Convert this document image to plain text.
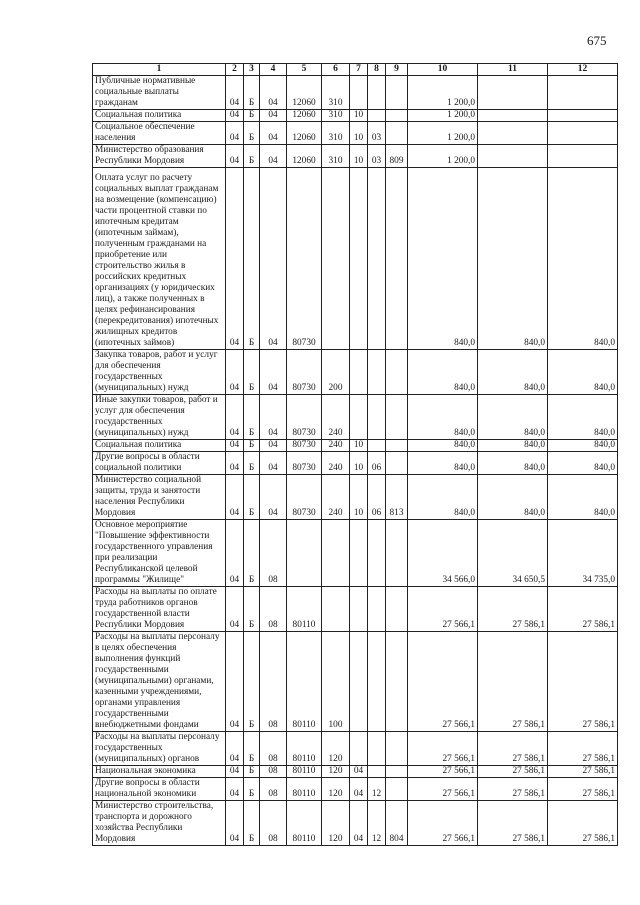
675
1	2	3	4	5	6	7	8	9	10	11	12
Публичные нормативные социальные выплаты гражданам	04	Б	04	12060	310				1 200,0		
Социальная политика	04	Б	04	12060	310	10			1 200,0		
Социальное обеспечение населения	04	Б	04	12060	310	10	03		1 200,0		
Министерство образования Республики Мордовия	04	Б	04	12060	310	10	03	809	1 200,0		
Оплата услуг по расчету социальных выплат гражданам на возмещение (компенсацию) части процентной ставки по ипотечным кредитам (ипотечным займам), полученным гражданами на приобретение или строительство жилья в российских кредитных организациях (у юридических лиц), а также полученных в целях рефинансирования (перекредитования) ипотечных жилищных кредитов (ипотечных займов)	04	Б	04	80730					840,0	840,0	840,0
Закупка товаров, работ и услуг для обеспечения государственных (муниципальных) нужд	04	Б	04	80730	200				840,0	840,0	840,0
Иные закупки товаров, работ и услуг для обеспечения государственных (муниципальных) нужд	04	Б	04	80730	240				840,0	840,0	840,0
Социальная политика	04	Б	04	80730	240	10			840,0	840,0	840,0
Другие вопросы в области социальной политики	04	Б	04	80730	240	10	06		840,0	840,0	840,0
Министерство социальной защиты, труда и занятости населения Республики Мордовия	04	Б	04	80730	240	10	06	813	840,0	840,0	840,0
Основное мероприятие "Повышение эффективности государственного управления при реализации Республиканской целевой программы "Жилище"	04	Б	08						34 566,0	34 650,5	34 735,0
Расходы на выплаты по оплате труда работников органов государственной власти Республики Мордовия	04	Б	08	80110					27 566,1	27 586,1	27 586,1
Расходы на выплаты персоналу в целях обеспечения выполнения функций государственными (муниципальными) органами, казенными учреждениями, органами управления государственными внебюджетными фондами	04	Б	08	80110	100				27 566,1	27 586,1	27 586,1
Расходы на выплаты персоналу государственных (муниципальных) органов	04	Б	08	80110	120				27 566,1	27 586,1	27 586,1
Национальная экономика	04	Б	08	80110	120	04			27 566,1	27 586,1	27 586,1
Другие вопросы в области национальной экономики	04	Б	08	80110	120	04	12		27 566,1	27 586,1	27 586,1
Министерство строительства, транспорта и дорожного хозяйства Республики Мордовия	04	Б	08	80110	120	04	12	804	27 566,1	27 586,1	27 586,1
